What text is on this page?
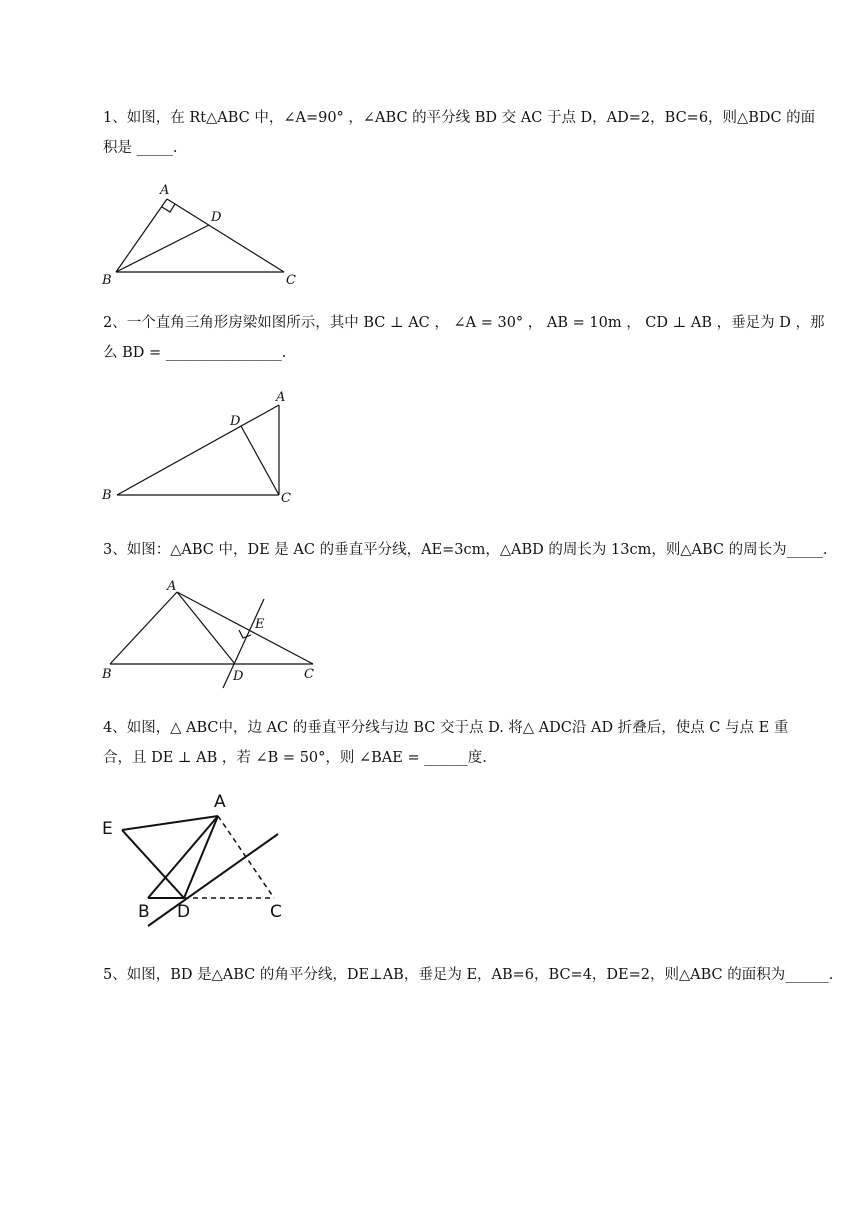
1、如图，在 Rt△ABC 中，∠A=90° ，∠ABC 的平分线 BD 交 AC 于点 D，AD=2，BC=6，则△BDC 的面
积是 _____.
A
D
B	C
2、一个直角三角形房梁如图所示，其中 BC ⊥ AC ， ∠A = 30° ， AB = 10m ， CD ⊥ AB ，垂足为 D ，那
么 BD = ________________.
A
D
B	C
3、如图：△ABC 中，DE 是 AC 的垂直平分线，AE=3cm，△ABD 的周长为 13cm，则△ABC 的周长为_____.
A
E
B	D	C
4、如图，△ ABC中，边 AC 的垂直平分线与边 BC 交于点 D. 将△ ADC沿 AD 折叠后，使点 C 与点 E 重
合，且 DE ⊥ AB ，若 ∠B = 50°，则 ∠BAE = ______度.
A
E
B D	C
5、如图，BD 是△ABC 的角平分线，DE⊥AB，垂足为 E，AB=6，BC=4，DE=2，则△ABC 的面积为______.
